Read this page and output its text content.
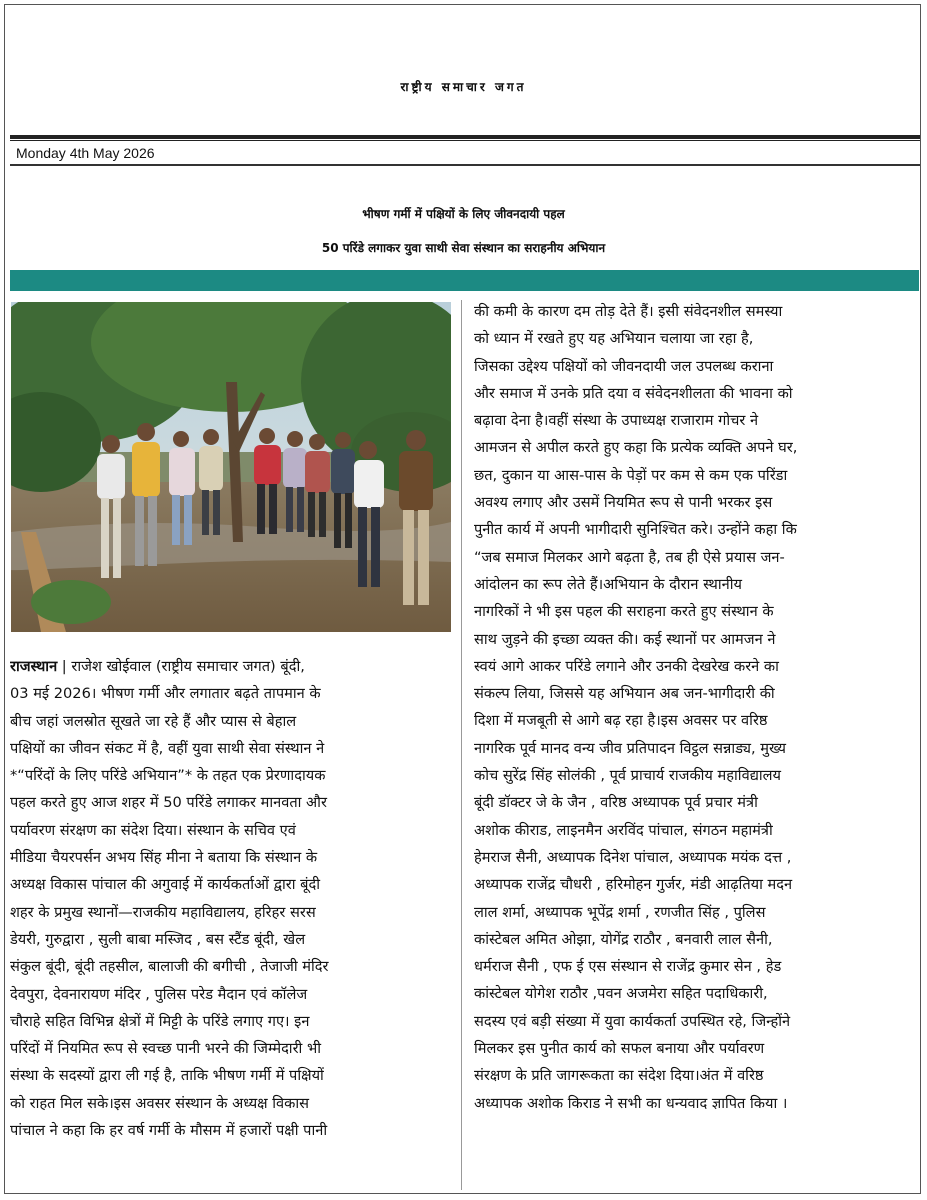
राष्ट्रीय समाचार जगत
Monday 4th May 2026
भीषण गर्मी में पक्षियों के लिए जीवनदायी पहल
50 परिंडे लगाकर युवा साथी सेवा संस्थान का सराहनीय अभियान
राजस्थान | राजेश खोईवाल (राष्ट्रीय समाचार जगत) बूंदी,
03 मई 2026। भीषण गर्मी और लगातार बढ़ते तापमान के
बीच जहां जलस्रोत सूखते जा रहे हैं और प्यास से बेहाल
पक्षियों का जीवन संकट में है, वहीं युवा साथी सेवा संस्थान ने
*“परिंदों के लिए परिंडे अभियान”* के तहत एक प्रेरणादायक
पहल करते हुए आज शहर में 50 परिंडे लगाकर मानवता और
पर्यावरण संरक्षण का संदेश दिया। संस्थान के सचिव एवं
मीडिया चैयरपर्सन अभय सिंह मीना ने बताया कि संस्थान के
अध्यक्ष विकास पांचाल की अगुवाई में कार्यकर्ताओं द्वारा बूंदी
शहर के प्रमुख स्थानों—राजकीय महाविद्यालय, हरिहर सरस
डेयरी, गुरुद्वारा , सुली बाबा मस्जिद , बस स्टैंड बूंदी, खेल
संकुल बूंदी, बूंदी तहसील, बालाजी की बगीची , तेजाजी मंदिर
देवपुरा, देवनारायण मंदिर , पुलिस परेड मैदान एवं कॉलेज
चौराहे सहित विभिन्न क्षेत्रों में मिट्टी के परिंडे लगाए गए। इन
परिंदों में नियमित रूप से स्वच्छ पानी भरने की जिम्मेदारी भी
संस्था के सदस्यों द्वारा ली गई है, ताकि भीषण गर्मी में पक्षियों
को राहत मिल सके।इस अवसर संस्थान के अध्यक्ष विकास
पांचाल ने कहा कि हर वर्ष गर्मी के मौसम में हजारों पक्षी पानी
की कमी के कारण दम तोड़ देते हैं। इसी संवेदनशील समस्या
को ध्यान में रखते हुए यह अभियान चलाया जा रहा है,
जिसका उद्देश्य पक्षियों को जीवनदायी जल उपलब्ध कराना
और समाज में उनके प्रति दया व संवेदनशीलता की भावना को
बढ़ावा देना है।वहीं संस्था के उपाध्यक्ष राजाराम गोचर ने
आमजन से अपील करते हुए कहा कि प्रत्येक व्यक्ति अपने घर,
छत, दुकान या आस-पास के पेड़ों पर कम से कम एक परिंडा
अवश्य लगाए और उसमें नियमित रूप से पानी भरकर इस
पुनीत कार्य में अपनी भागीदारी सुनिश्चित करे। उन्होंने कहा कि
“जब समाज मिलकर आगे बढ़ता है, तब ही ऐसे प्रयास जन-
आंदोलन का रूप लेते हैं।अभियान के दौरान स्थानीय
नागरिकों ने भी इस पहल की सराहना करते हुए संस्थान के
साथ जुड़ने की इच्छा व्यक्त की। कई स्थानों पर आमजन ने
स्वयं आगे आकर परिंडे लगाने और उनकी देखरेख करने का
संकल्प लिया, जिससे यह अभियान अब जन-भागीदारी की
दिशा में मजबूती से आगे बढ़ रहा है।इस अवसर पर वरिष्ठ
नागरिक पूर्व मानद वन्य जीव प्रतिपादन विट्ठल सन्नाड्य, मुख्य
कोच सुरेंद्र सिंह सोलंकी , पूर्व प्राचार्य राजकीय महाविद्यालय
बूंदी डॉक्टर जे के जैन , वरिष्ठ अध्यापक पूर्व प्रचार मंत्री
अशोक कीराड, लाइनमैन अरविंद पांचाल, संगठन महामंत्री
हेमराज सैनी, अध्यापक दिनेश पांचाल, अध्यापक मयंक दत्त ,
अध्यापक राजेंद्र चौधरी , हरिमोहन गुर्जर, मंडी आढ़तिया मदन
लाल शर्मा, अध्यापक भूपेंद्र शर्मा , रणजीत सिंह , पुलिस
कांस्टेबल अमित ओझा, योगेंद्र राठौर , बनवारी लाल सैनी,
धर्मराज सैनी , एफ ई एस संस्थान से राजेंद्र कुमार सेन , हेड
कांस्टेबल योगेश राठौर ,पवन अजमेरा सहित पदाधिकारी,
सदस्य एवं बड़ी संख्या में युवा कार्यकर्ता उपस्थित रहे, जिन्होंने
मिलकर इस पुनीत कार्य को सफल बनाया और पर्यावरण
संरक्षण के प्रति जागरूकता का संदेश दिया।अंत में वरिष्ठ
अध्यापक अशोक किराड ने सभी का धन्यवाद ज्ञापित किया ।
